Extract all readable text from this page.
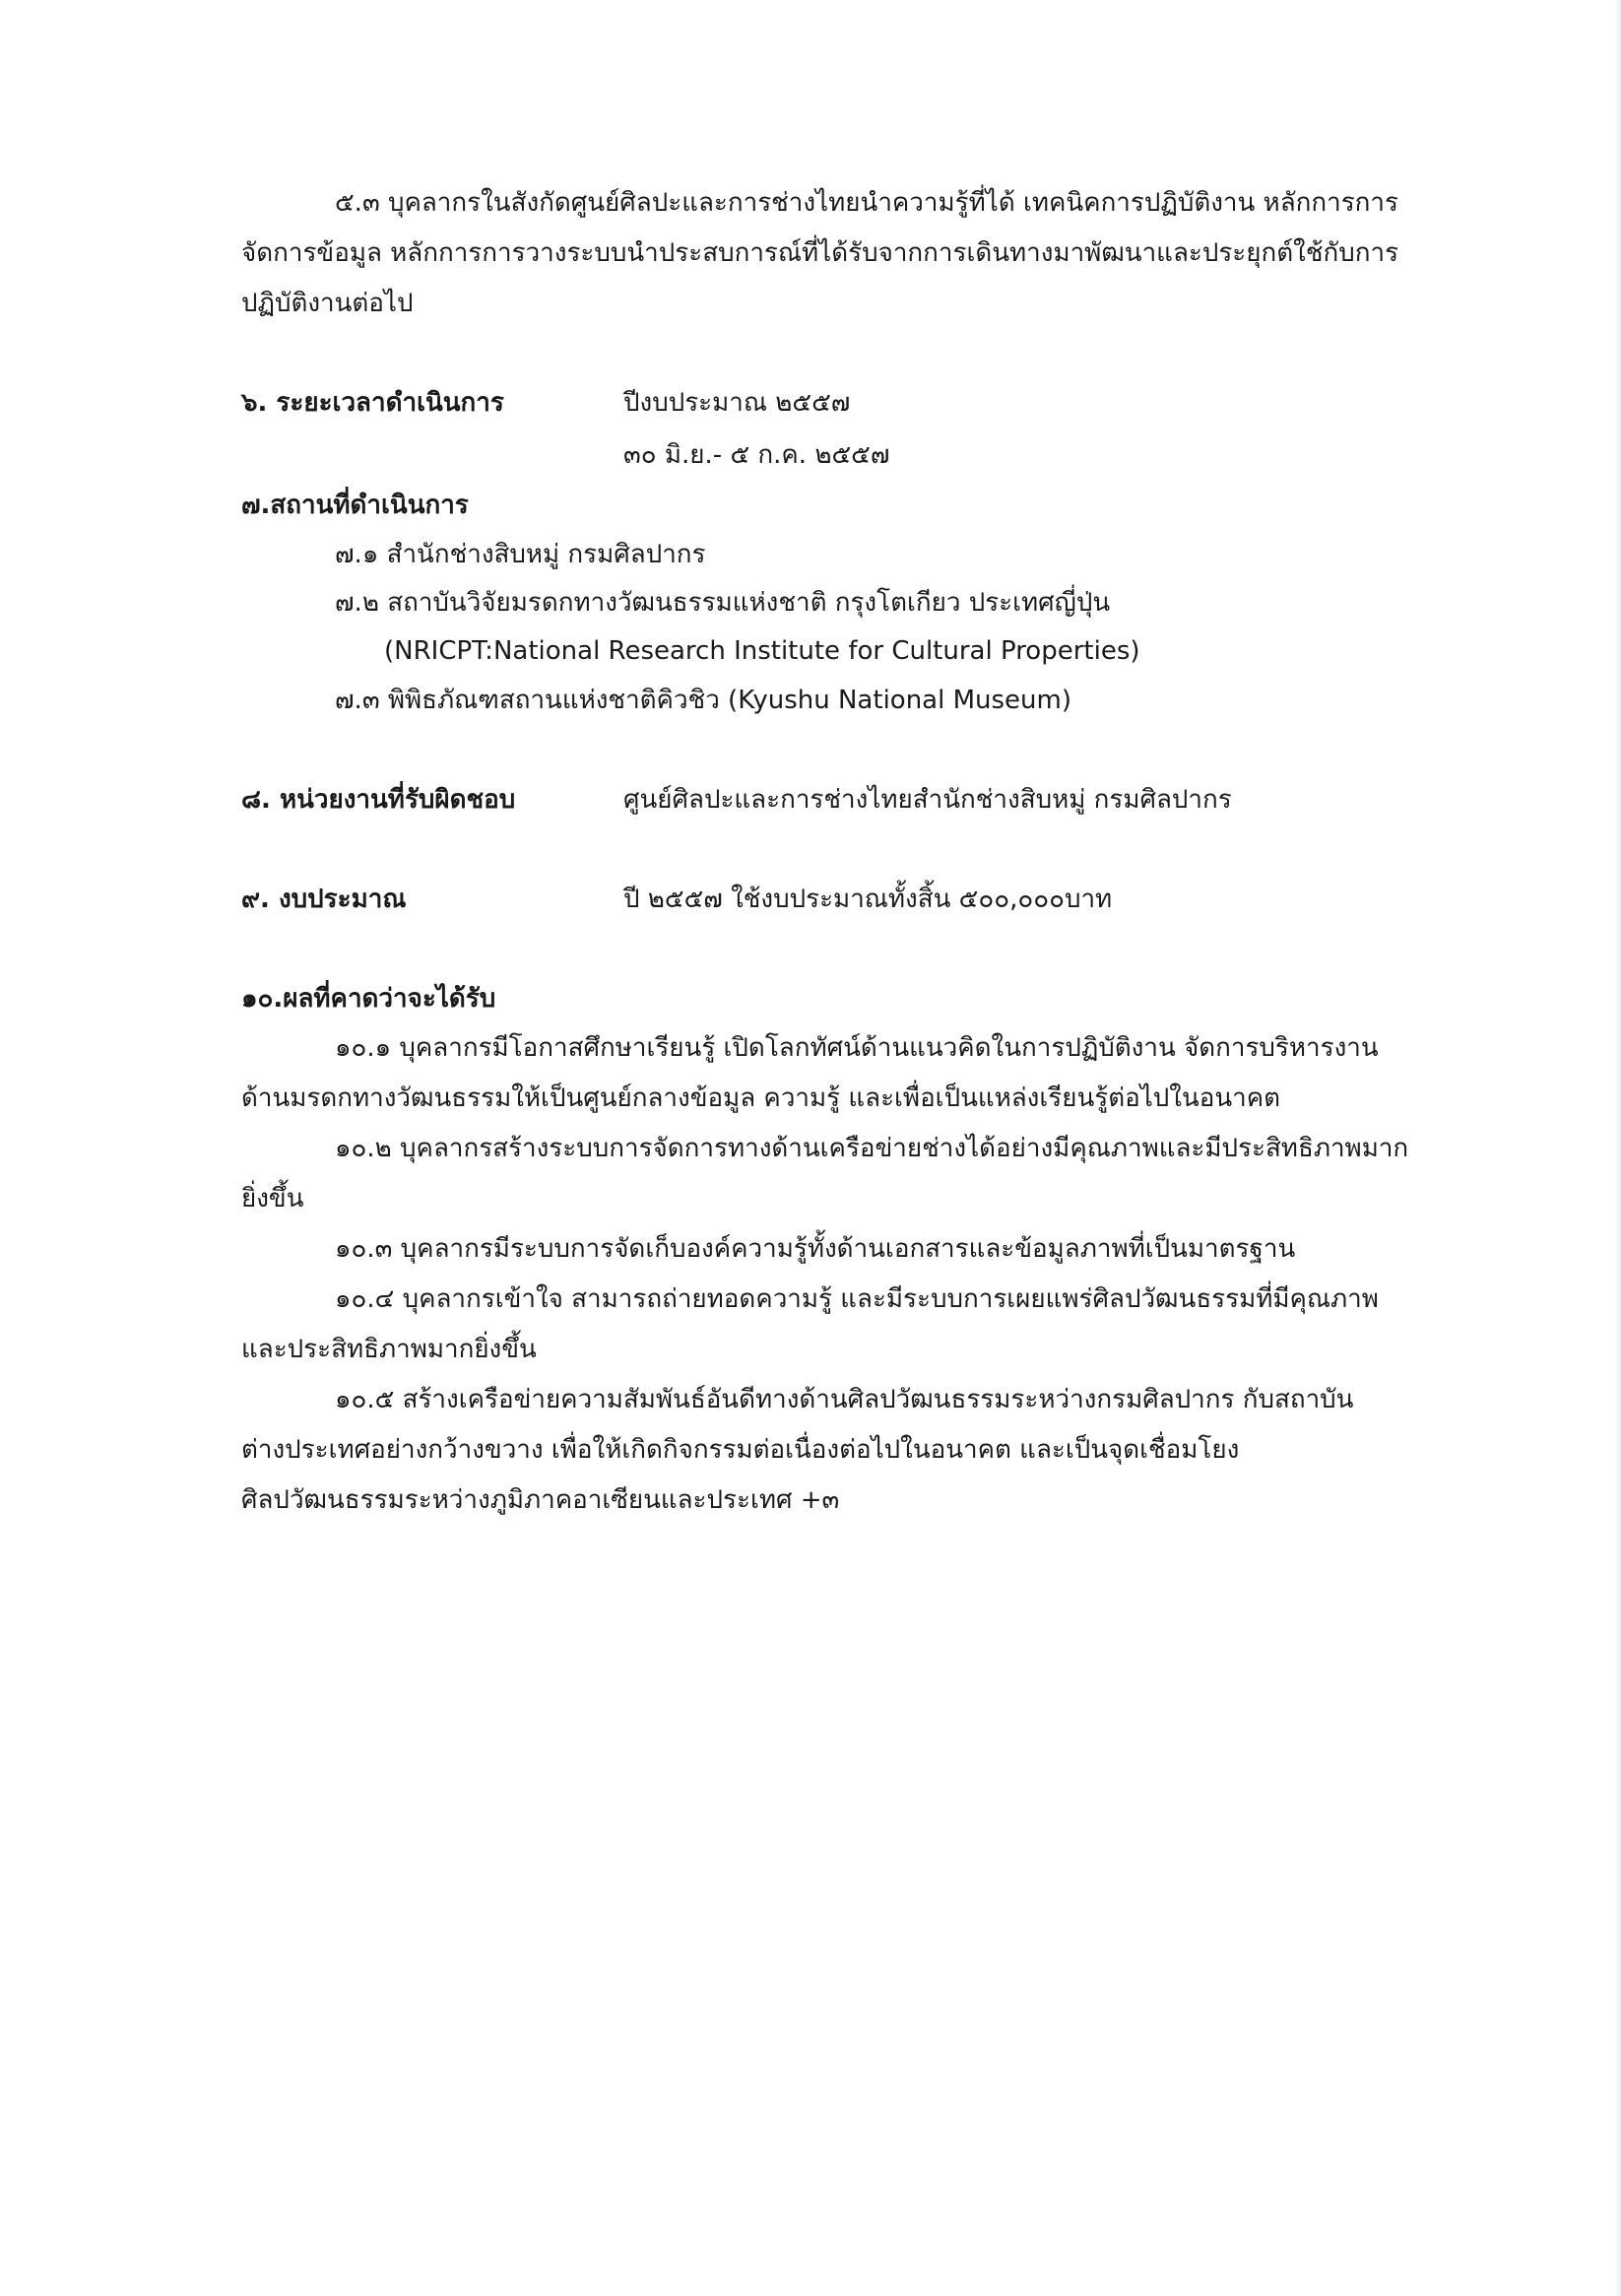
๕.๓ บุคลากรในสังกัดศูนย์ศิลปะและการช่างไทยนำความรู้ที่ได้ เทคนิคการปฏิบัติงาน หลักการการ
จัดการข้อมูล หลักการการวางระบบนำประสบการณ์ที่ได้รับจากการเดินทางมาพัฒนาและประยุกต์ใช้กับการ
ปฏิบัติงานต่อไป
๖. ระยะเวลาดำเนินการ	ปีงบประมาณ ๒๕๕๗
๓๐ มิ.ย.- ๕ ก.ค. ๒๕๕๗
๗.สถานที่ดำเนินการ
๗.๑ สำนักช่างสิบหมู่ กรมศิลปากร
๗.๒ สถาบันวิจัยมรดกทางวัฒนธรรมแห่งชาติ กรุงโตเกียว ประเทศญี่ปุ่น
(NRICPT:National Research Institute for Cultural Properties)
๗.๓ พิพิธภัณฑสถานแห่งชาติคิวชิว (Kyushu National Museum)
๘. หน่วยงานที่รับผิดชอบ	ศูนย์ศิลปะและการช่างไทยสำนักช่างสิบหมู่ กรมศิลปากร
๙. งบประมาณ	ปี ๒๕๕๗ ใช้งบประมาณทั้งสิ้น ๕๐๐,๐๐๐บาท
๑๐.ผลที่คาดว่าจะได้รับ
๑๐.๑ บุคลากรมีโอกาสศึกษาเรียนรู้ เปิดโลกทัศน์ด้านแนวคิดในการปฏิบัติงาน จัดการบริหารงาน
ด้านมรดกทางวัฒนธรรมให้เป็นศูนย์กลางข้อมูล ความรู้ และเพื่อเป็นแหล่งเรียนรู้ต่อไปในอนาคต
๑๐.๒ บุคลากรสร้างระบบการจัดการทางด้านเครือข่ายช่างได้อย่างมีคุณภาพและมีประสิทธิภาพมาก
ยิ่งขึ้น
๑๐.๓ บุคลากรมีระบบการจัดเก็บองค์ความรู้ทั้งด้านเอกสารและข้อมูลภาพที่เป็นมาตรฐาน
๑๐.๔ บุคลากรเข้าใจ สามารถถ่ายทอดความรู้ และมีระบบการเผยแพร่ศิลปวัฒนธรรมที่มีคุณภาพ
และประสิทธิภาพมากยิ่งขึ้น
๑๐.๕ สร้างเครือข่ายความสัมพันธ์อันดีทางด้านศิลปวัฒนธรรมระหว่างกรมศิลปากร กับสถาบัน
ต่างประเทศอย่างกว้างขวาง เพื่อให้เกิดกิจกรรมต่อเนื่องต่อไปในอนาคต และเป็นจุดเชื่อมโยง
ศิลปวัฒนธรรมระหว่างภูมิภาคอาเซียนและประเทศ +๓
